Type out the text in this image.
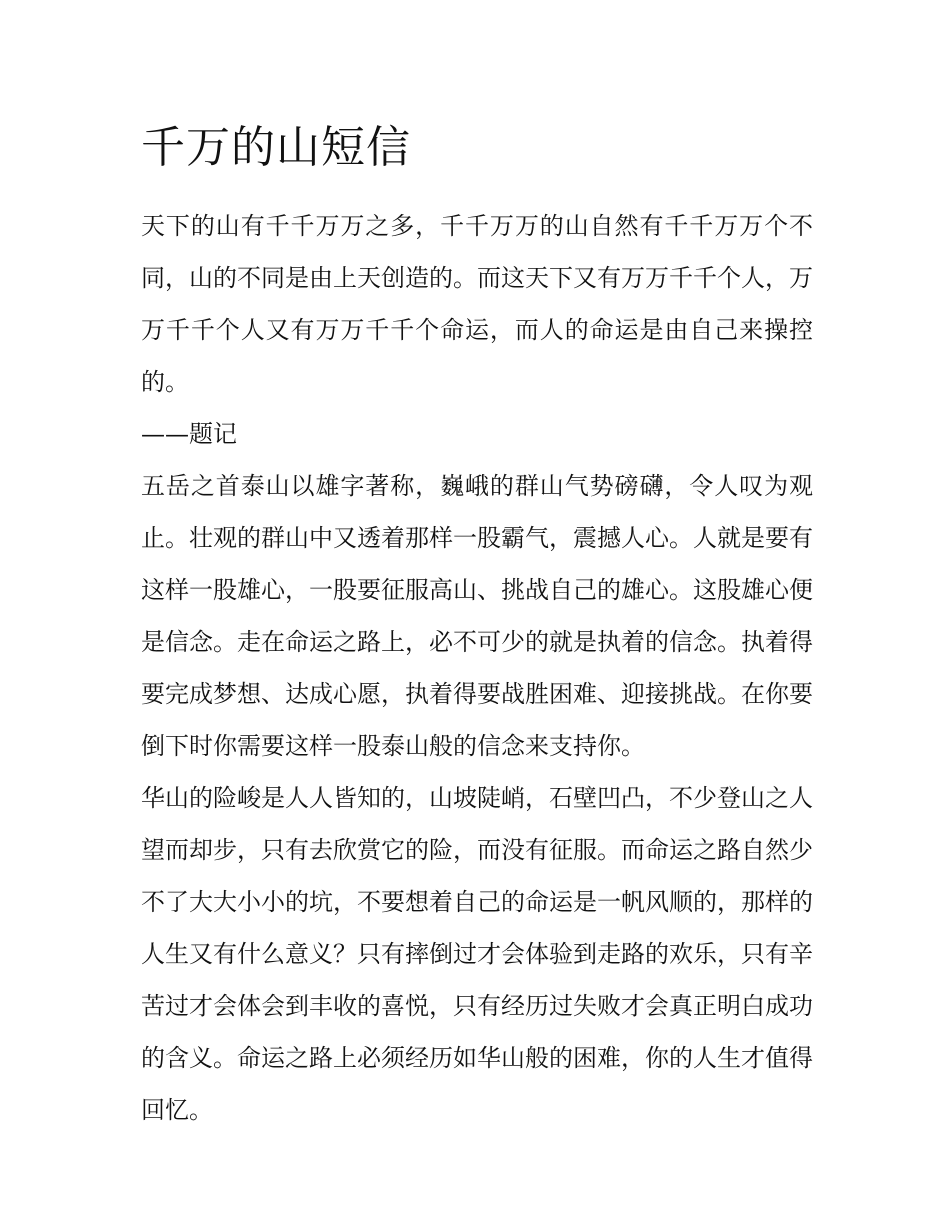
千万的山短信

天下的山有千千万万之多，千千万万的山自然有千千万万个不同，山的不同是由上天创造的。而这天下又有万万千千个人，万万千千个人又有万万千千个命运，而人的命运是由自己来操控的。

——题记

五岳之首泰山以雄字著称，巍峨的群山气势磅礴，令人叹为观止。壮观的群山中又透着那样一股霸气，震撼人心。人就是要有这样一股雄心，一股要征服高山、挑战自己的雄心。这股雄心便是信念。走在命运之路上，必不可少的就是执着的信念。执着得要完成梦想、达成心愿，执着得要战胜困难、迎接挑战。在你要倒下时你需要这样一股泰山般的信念来支持你。

华山的险峻是人人皆知的，山坡陡峭，石壁凹凸，不少登山之人望而却步，只有去欣赏它的险，而没有征服。而命运之路自然少不了大大小小的坑，不要想着自己的命运是一帆风顺的，那样的人生又有什么意义？只有摔倒过才会体验到走路的欢乐，只有辛苦过才会体会到丰收的喜悦，只有经历过失败才会真正明白成功的含义。命运之路上必须经历如华山般的困难，你的人生才值得回忆。
